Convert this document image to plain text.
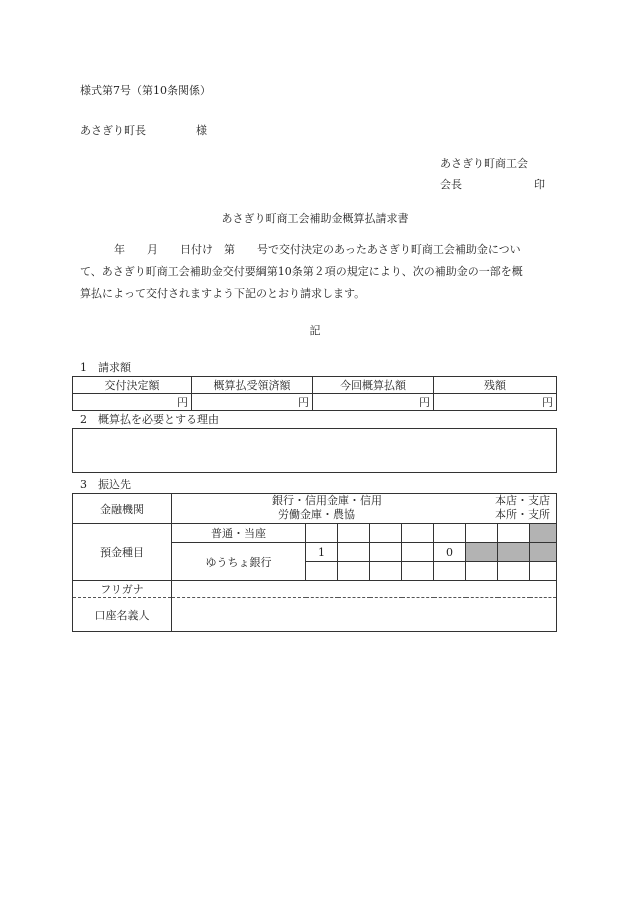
様式第7号（第10条関係）
あさぎり町長	様
あさぎり町商工会
会長	印
あさぎり町商工会補助金概算払請求書
年　　月　　日付け　第　　号で交付決定のあったあさぎり町商工会補助金につい
て、あさぎり町商工会補助金交付要綱第10条第２項の規定により、次の補助金の一部を概
算払によって交付されますよう下記のとおり請求します。
記
1　請求額
交付決定額	概算払受領済額	今回概算払額	残額
円	円	円	円
2　概算払を必要とする理由
3　振込先
金融機関	銀行・信用金庫・信用
労働金庫・農協
本店・支店
本所・支所								

預金種目	普通・当座								
	ゆうちょ銀行	1				0			

フリガナ									
口座名義人									
